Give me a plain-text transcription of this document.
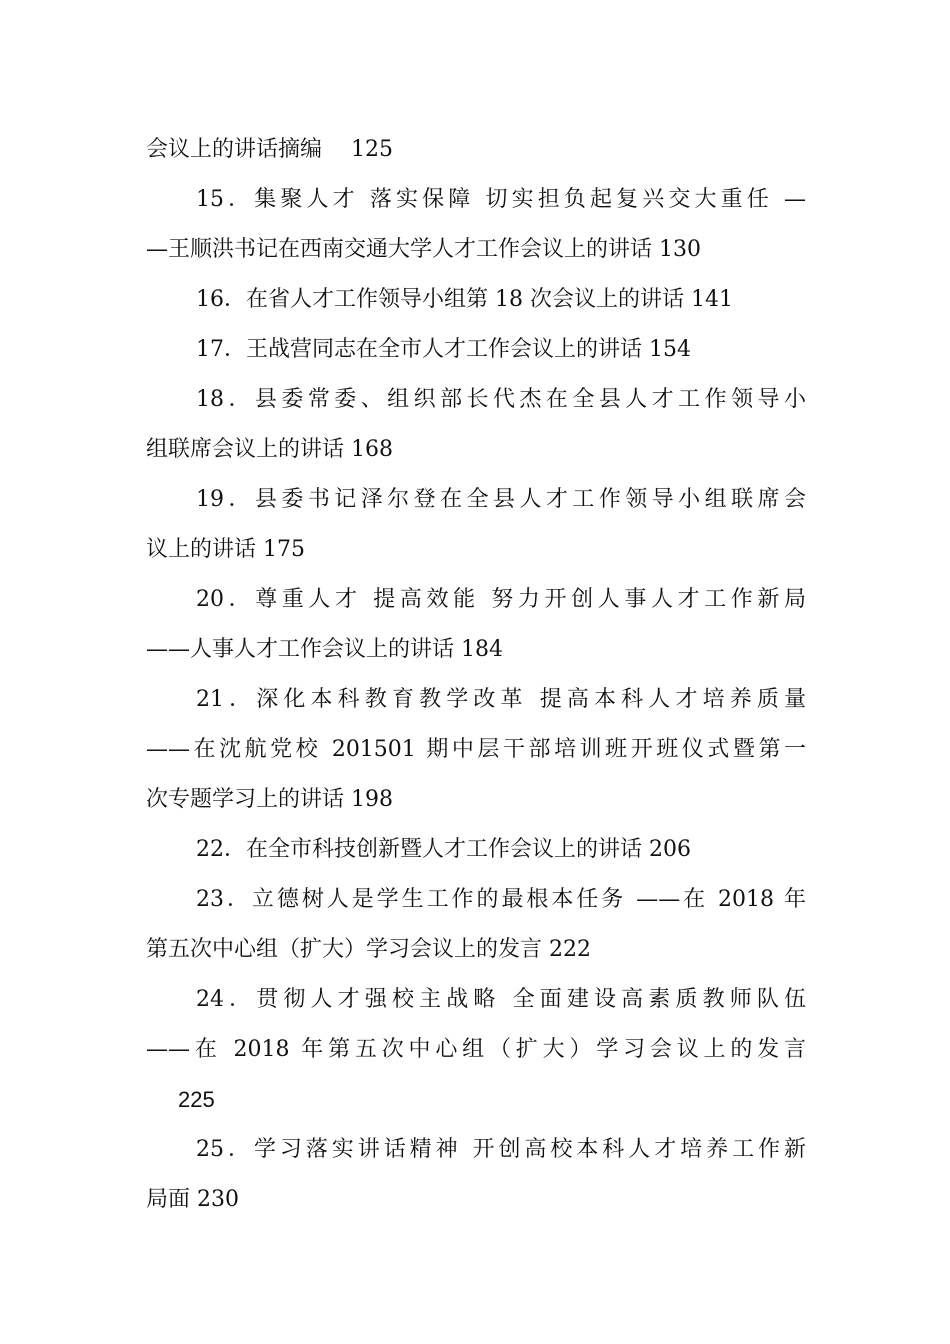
会议上的讲话摘编　 125

15．集聚人才 落实保障 切实担负起复兴交大重任 —

—王顺洪书记在西南交通大学人才工作会议上的讲话 130

16．在省人才工作领导小组第 18 次会议上的讲话 141

17．王战营同志在全市人才工作会议上的讲话 154

18．县委常委、组织部长代杰在全县人才工作领导小

组联席会议上的讲话 168

19．县委书记泽尔登在全县人才工作领导小组联席会

议上的讲话 175

20．尊重人才 提高效能 努力开创人事人才工作新局

——人事人才工作会议上的讲话 184

21．深化本科教育教学改革 提高本科人才培养质量

——在沈航党校 201501 期中层干部培训班开班仪式暨第一

次专题学习上的讲话 198

22．在全市科技创新暨人才工作会议上的讲话 206

23．立德树人是学生工作的最根本任务 ——在 2018 年

第五次中心组（扩大）学习会议上的发言 222

24．贯彻人才强校主战略 全面建设高素质教师队伍

——在 2018 年第五次中心组（扩大）学习会议上的发言

225

25．学习落实讲话精神 开创高校本科人才培养工作新

局面 230
